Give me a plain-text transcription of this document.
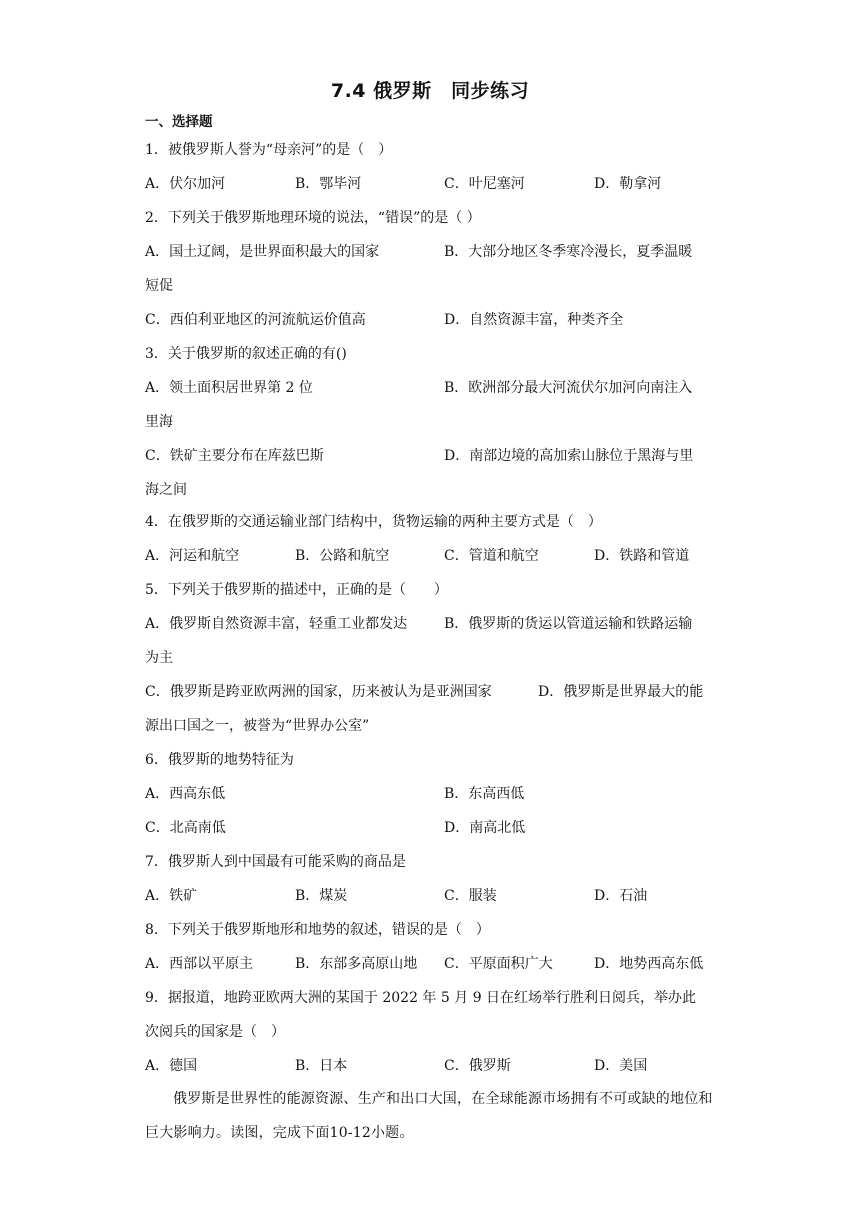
7.4 俄罗斯　同步练习
一、选择题
1．被俄罗斯人誉为“母亲河”的是（　）
A．伏尔加河	B．鄂毕河	C．叶尼塞河	D．勒拿河
2．下列关于俄罗斯地理环境的说法，“错误”的是（ ）
A．国土辽阔，是世界面积最大的国家	B．大部分地区冬季寒冷漫长，夏季温暖
短促
C．西伯利亚地区的河流航运价值高	D．自然资源丰富，种类齐全
3．关于俄罗斯的叙述正确的有()
A．领土面积居世界第 2 位	B．欧洲部分最大河流伏尔加河向南注入
里海
C．铁矿主要分布在库兹巴斯	D．南部边境的高加索山脉位于黑海与里
海之间
4．在俄罗斯的交通运输业部门结构中，货物运输的两种主要方式是（　）
A．河运和航空	B．公路和航空	C．管道和航空	D．铁路和管道
5．下列关于俄罗斯的描述中，正确的是（　　）
A．俄罗斯自然资源丰富，轻重工业都发达	B．俄罗斯的货运以管道运输和铁路运输
为主
C．俄罗斯是跨亚欧两洲的国家，历来被认为是亚洲国家	D．俄罗斯是世界最大的能
源出口国之一，被誉为“世界办公室”
6．俄罗斯的地势特征为
A．西高东低	B．东高西低
C．北高南低	D．南高北低
7．俄罗斯人到中国最有可能采购的商品是
A．铁矿	B．煤炭	C．服装	D．石油
8．下列关于俄罗斯地形和地势的叙述，错误的是（　）
A．西部以平原主	B．东部多高原山地 C．平原面积广大	D．地势西高东低
9．据报道，地跨亚欧两大洲的某国于 2022 年 5 月 9 日在红场举行胜利日阅兵，举办此
次阅兵的国家是（　）
A．德国	B．日本	C．俄罗斯	D．美国
俄罗斯是世界性的能源资源、生产和出口大国，在全球能源市场拥有不可或缺的地位和巨大影响力。读图，完成下面10-12小题。
